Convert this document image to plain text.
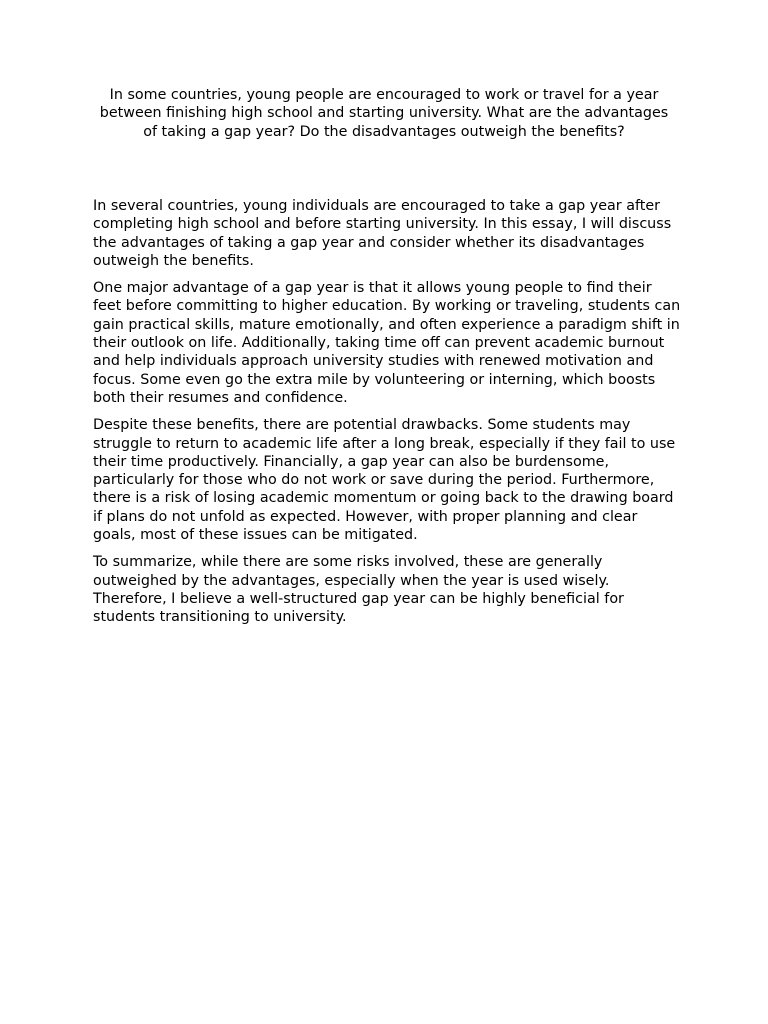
In some countries, young people are encouraged to work or travel for a year between finishing high school and starting university. What are the advantages of taking a gap year? Do the disadvantages outweigh the benefits?

In several countries, young individuals are encouraged to take a gap year after completing high school and before starting university. In this essay, I will discuss the advantages of taking a gap year and consider whether its disadvantages outweigh the benefits.

One major advantage of a gap year is that it allows young people to find their feet before committing to higher education. By working or traveling, students can gain practical skills, mature emotionally, and often experience a paradigm shift in their outlook on life. Additionally, taking time off can prevent academic burnout and help individuals approach university studies with renewed motivation and focus. Some even go the extra mile by volunteering or interning, which boosts both their resumes and confidence.

Despite these benefits, there are potential drawbacks. Some students may struggle to return to academic life after a long break, especially if they fail to use their time productively. Financially, a gap year can also be burdensome, particularly for those who do not work or save during the period. Furthermore, there is a risk of losing academic momentum or going back to the drawing board if plans do not unfold as expected. However, with proper planning and clear goals, most of these issues can be mitigated.

To summarize, while there are some risks involved, these are generally outweighed by the advantages, especially when the year is used wisely. Therefore, I believe a well-structured gap year can be highly beneficial for students transitioning to university.
